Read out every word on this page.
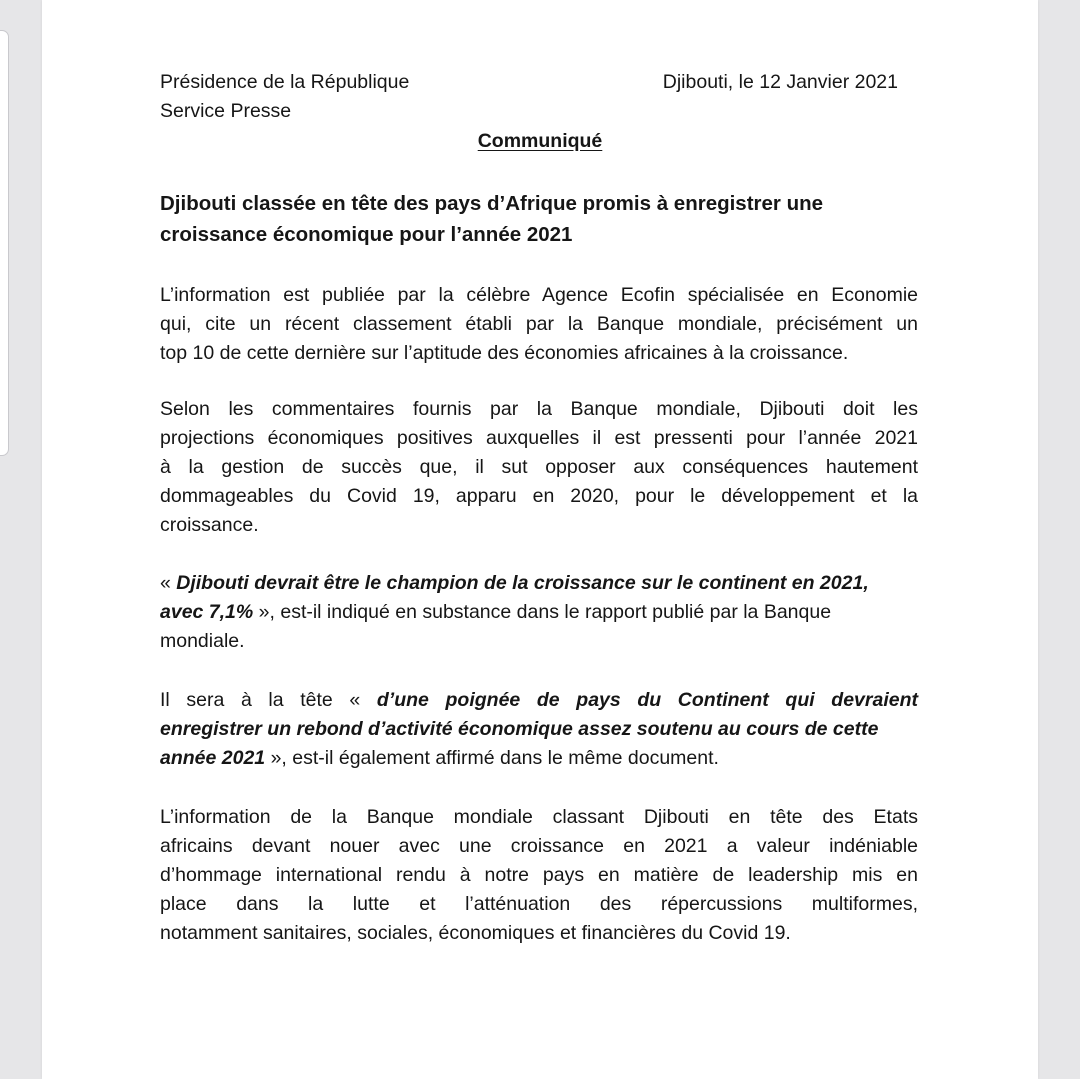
Présidence de la République
Service Presse
Djibouti, le 12 Janvier 2021
Communiqué
Djibouti classée en tête des pays d’Afrique promis à enregistrer une
croissance économique pour l’année 2021
L’information est publiée par la célèbre Agence Ecofin spécialisée en Economie
qui, cite un récent classement établi par la Banque mondiale, précisément un
top 10 de cette dernière sur l’aptitude des économies africaines à la croissance.
Selon les commentaires fournis par la Banque mondiale, Djibouti doit les
projections économiques positives auxquelles il est pressenti pour l’année 2021
à la gestion de succès que, il sut opposer aux conséquences hautement
dommageables du Covid 19, apparu en 2020, pour le développement et la
croissance.
« Djibouti devrait être le champion de la croissance sur le continent en 2021,
avec 7,1% », est-il indiqué en substance dans le rapport publié par la Banque
mondiale.
Il sera à la tête « d’une poignée de pays du Continent qui devraient
enregistrer un rebond d’activité économique assez soutenu au cours de cette
année 2021 », est-il également affirmé dans le même document.
L’information de la Banque mondiale classant Djibouti en tête des Etats
africains devant nouer avec une croissance en 2021 a valeur indéniable
d’hommage international rendu à notre pays en matière de leadership mis en
place dans la lutte et l’atténuation des répercussions multiformes,
notamment sanitaires, sociales, économiques et financières du Covid 19.
